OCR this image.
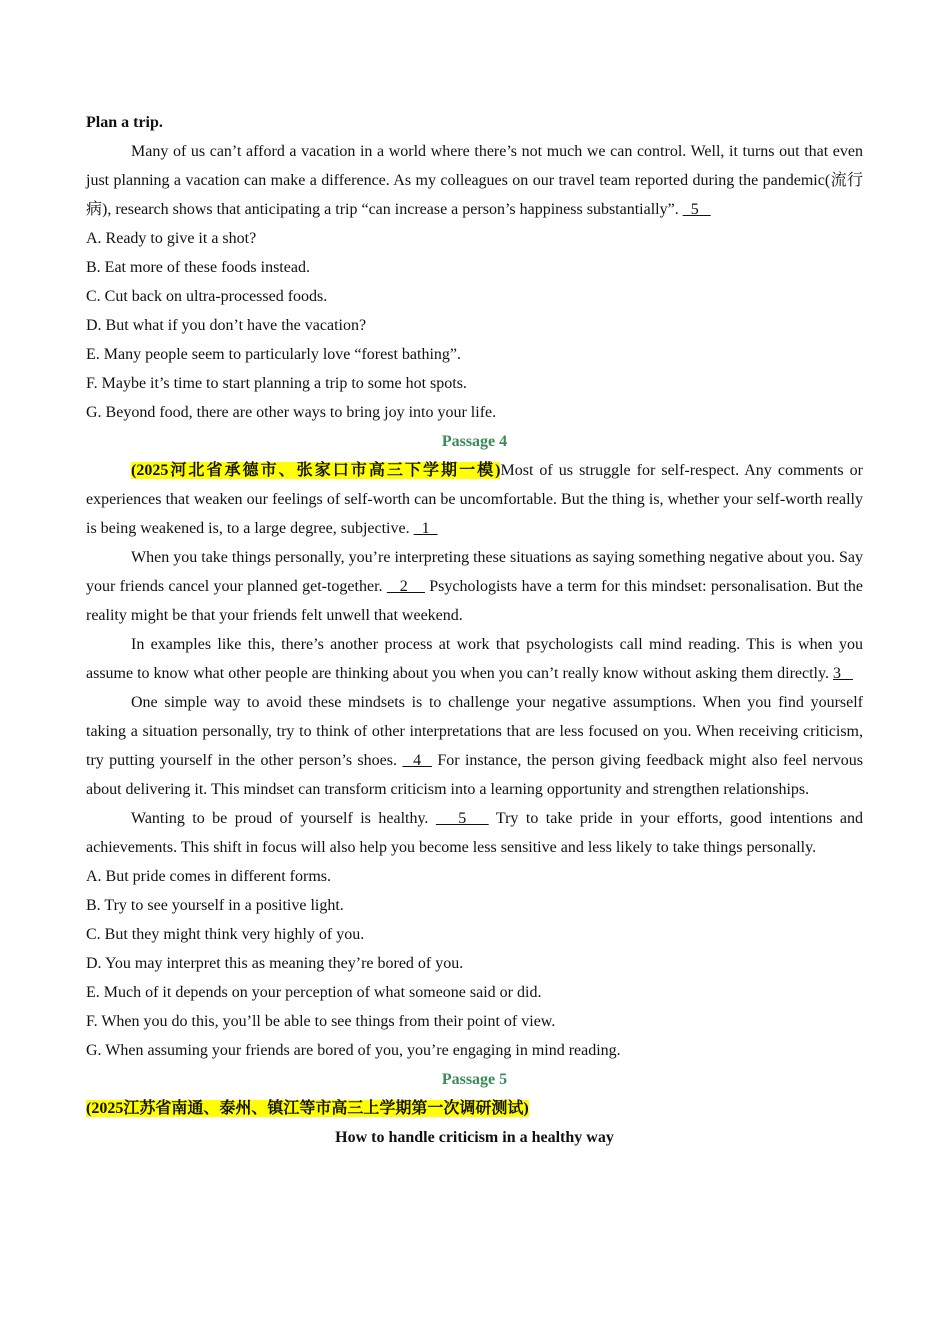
Plan a trip.

Many of us can’t afford a vacation in a world where there’s not much we can control. Well, it turns out that even just planning a vacation can make a difference. As my colleagues on our travel team reported during the pandemic(流行病), research shows that anticipating a trip “can increase a person’s happiness substantially”.   5

A. Ready to give it a shot?

B. Eat more of these foods instead.

C. Cut back on ultra-processed foods.

D. But what if you don’t have the vacation?

E. Many people seem to particularly love “forest bathing”.

F. Maybe it’s time to start planning a trip to some hot spots.

G. Beyond food, there are other ways to bring joy into your life.

Passage 4

(2025河北省承德市、张家口市高三下学期一模)Most of us struggle for self-respect. Any comments or experiences that weaken our feelings of self-worth can be uncomfortable. But the thing is, whether your self-worth really is being weakened is, to a large degree, subjective.   1

When you take things personally, you’re interpreting these situations as saying something negative about you. Say your friends cancel your planned get-together.    2     Psychologists have a term for this mindset: personalisation. But the reality might be that your friends felt unwell that weekend.

In examples like this, there’s another process at work that psychologists call mind reading. This is when you assume to know what other people are thinking about you when you can’t really know without asking them directly. 3

One simple way to avoid these mindsets is to challenge your negative assumptions. When you find yourself taking a situation personally, try to think of other interpretations that are less focused on you. When receiving criticism, try putting yourself in the other person’s shoes.   4   For instance, the person giving feedback might also feel nervous about delivering it. This mindset can transform criticism into a learning opportunity and strengthen relationships.

Wanting to be proud of yourself is healthy.    5    Try to take pride in your efforts, good intentions and achievements. This shift in focus will also help you become less sensitive and less likely to take things personally.

A. But pride comes in different forms.

B. Try to see yourself in a positive light.

C. But they might think very highly of you.

D. You may interpret this as meaning they’re bored of you.

E. Much of it depends on your perception of what someone said or did.

F. When you do this, you’ll be able to see things from their point of view.

G. When assuming your friends are bored of you, you’re engaging in mind reading.

Passage 5

(2025江苏省南通、泰州、镇江等市高三上学期第一次调研测试)

How to handle criticism in a healthy way
